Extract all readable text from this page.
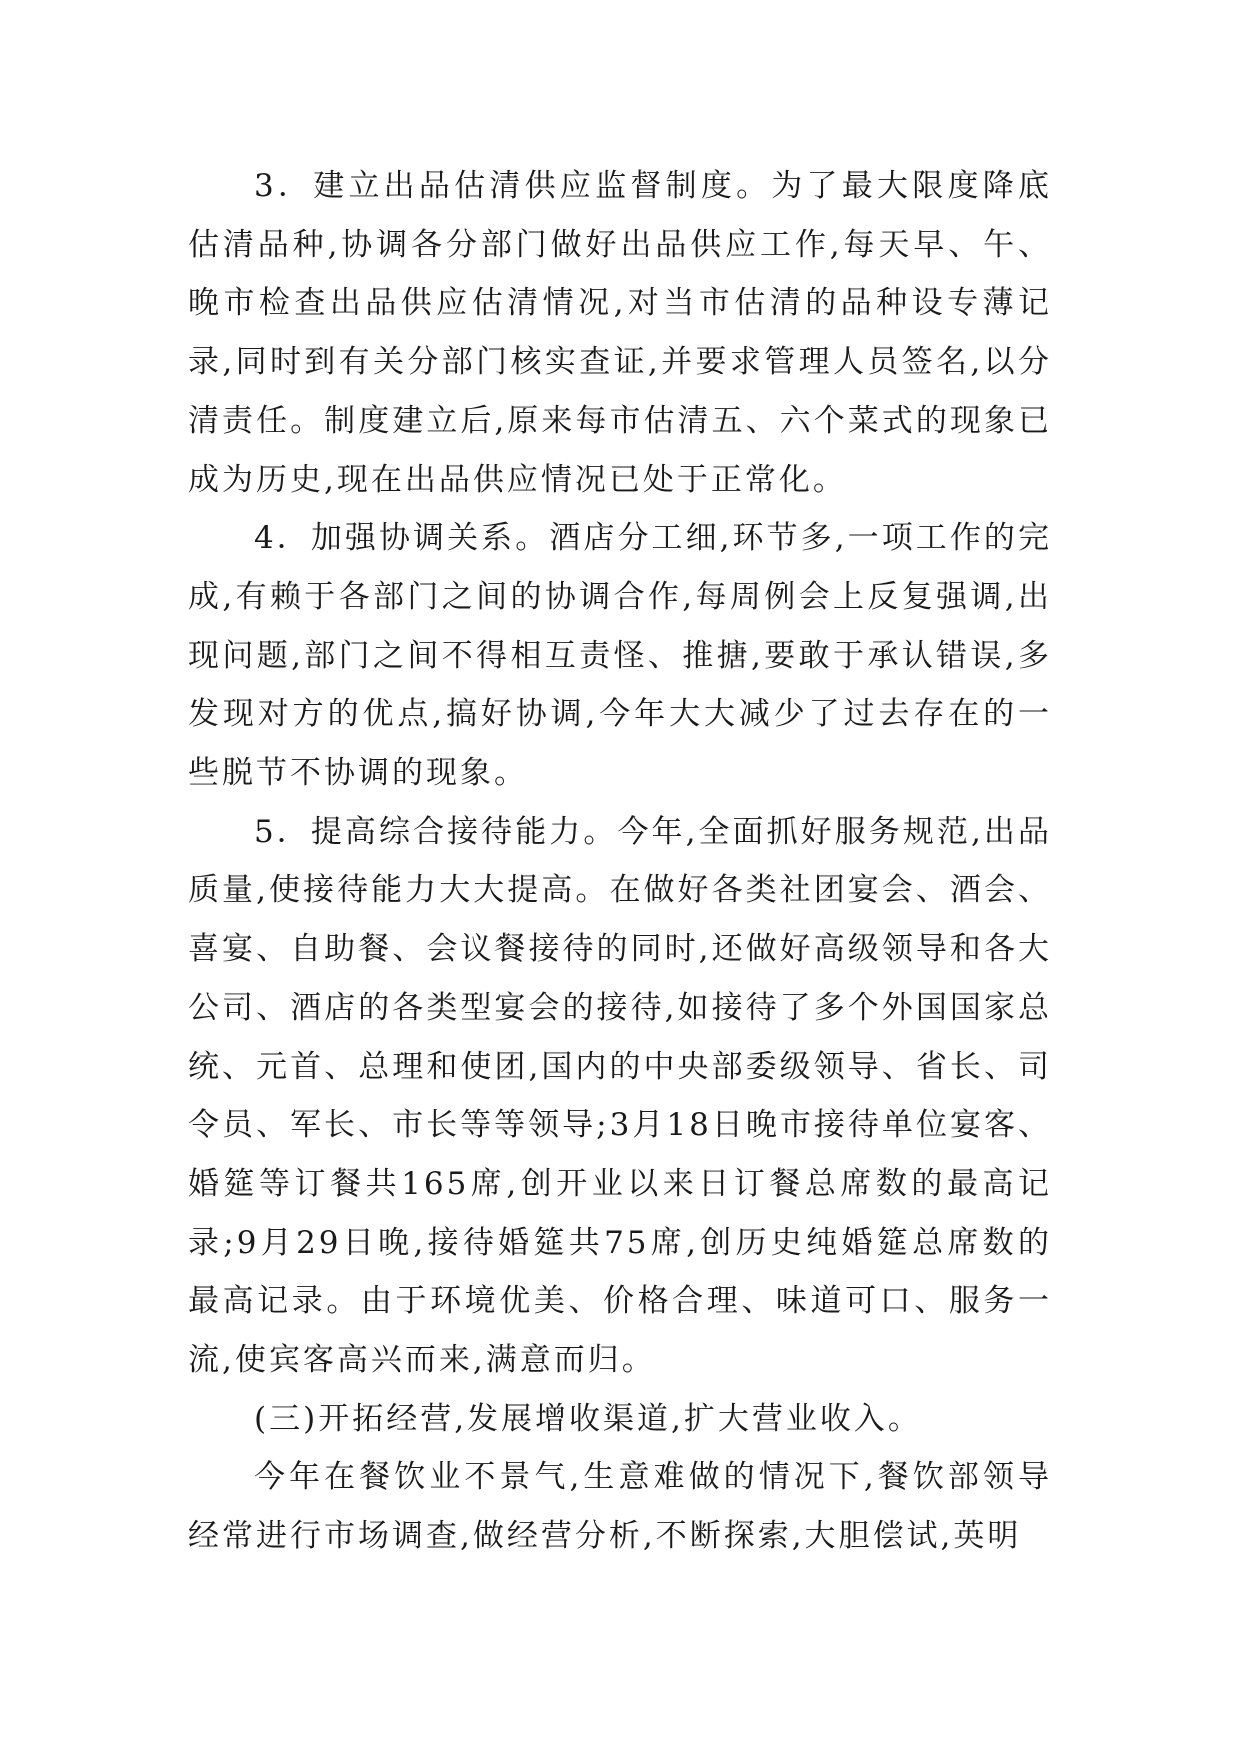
3．建立出品估清供应监督制度。为了最大限度降底估清品种,协调各分部门做好出品供应工作,每天早、午、晚市检查出品供应估清情况,对当市估清的品种设专薄记录,同时到有关分部门核实查证,并要求管理人员签名,以分清责任。制度建立后,原来每市估清五、六个菜式的现象已成为历史,现在出品供应情况已处于正常化。

4．加强协调关系。酒店分工细,环节多,一项工作的完成,有赖于各部门之间的协调合作,每周例会上反复强调,出现问题,部门之间不得相互责怪、推搪,要敢于承认错误,多发现对方的优点,搞好协调,今年大大减少了过去存在的一些脱节不协调的现象。

5．提高综合接待能力。今年,全面抓好服务规范,出品质量,使接待能力大大提高。在做好各类社团宴会、酒会、喜宴、自助餐、会议餐接待的同时,还做好高级领导和各大公司、酒店的各类型宴会的接待,如接待了多个外国国家总统、元首、总理和使团,国内的中央部委级领导、省长、司令员、军长、市长等等领导;3月18日晚市接待单位宴客、婚筵等订餐共165席,创开业以来日订餐总席数的最高记录;9月29日晚,接待婚筵共75席,创历史纯婚筵总席数的最高记录。由于环境优美、价格合理、味道可口、服务一流,使宾客高兴而来,满意而归。

(三)开拓经营,发展增收渠道,扩大营业收入。

今年在餐饮业不景气,生意难做的情况下,餐饮部领导经常进行市场调查,做经营分析,不断探索,大胆偿试,英明
